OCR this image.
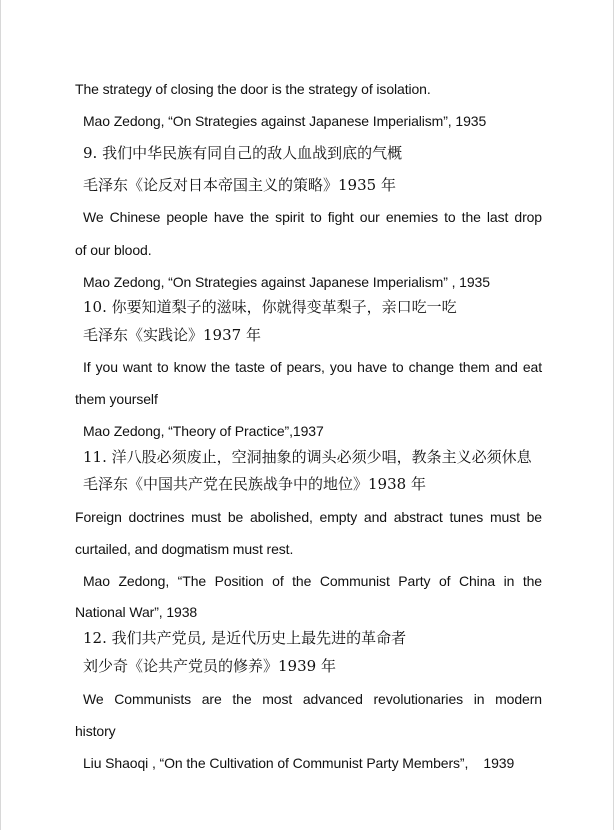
The strategy of closing the door is the strategy of isolation.
Mao Zedong, “On Strategies against Japanese Imperialism”, 1935
9. 我们中华民族有同自己的敌人血战到底的气概
毛泽东《论反对日本帝国主义的策略》1935 年
We Chinese people have the spirit to fight our enemies to the last drop
of our blood.
Mao Zedong, “On Strategies against Japanese Imperialism” , 1935
10. 你要知道梨子的滋味，你就得变革梨子，亲口吃一吃
毛泽东《实践论》1937 年
If you want to know the taste of pears, you have to change them and eat
them yourself
Mao Zedong, “Theory of Practice”,1937
11. 洋八股必须废止，空洞抽象的调头必须少唱，教条主义必须休息
毛泽东《中国共产党在民族战争中的地位》1938 年
Foreign doctrines must be abolished, empty and abstract tunes must be
curtailed, and dogmatism must rest.
Mao Zedong, “The Position of the Communist Party of China in the
National War”, 1938
12. 我们共产党员, 是近代历史上最先进的革命者
刘少奇《论共产党员的修养》1939 年
We Communists are the most advanced revolutionaries in modern
history
Liu Shaoqi , “On the Cultivation of Communist Party Members”,    1939
